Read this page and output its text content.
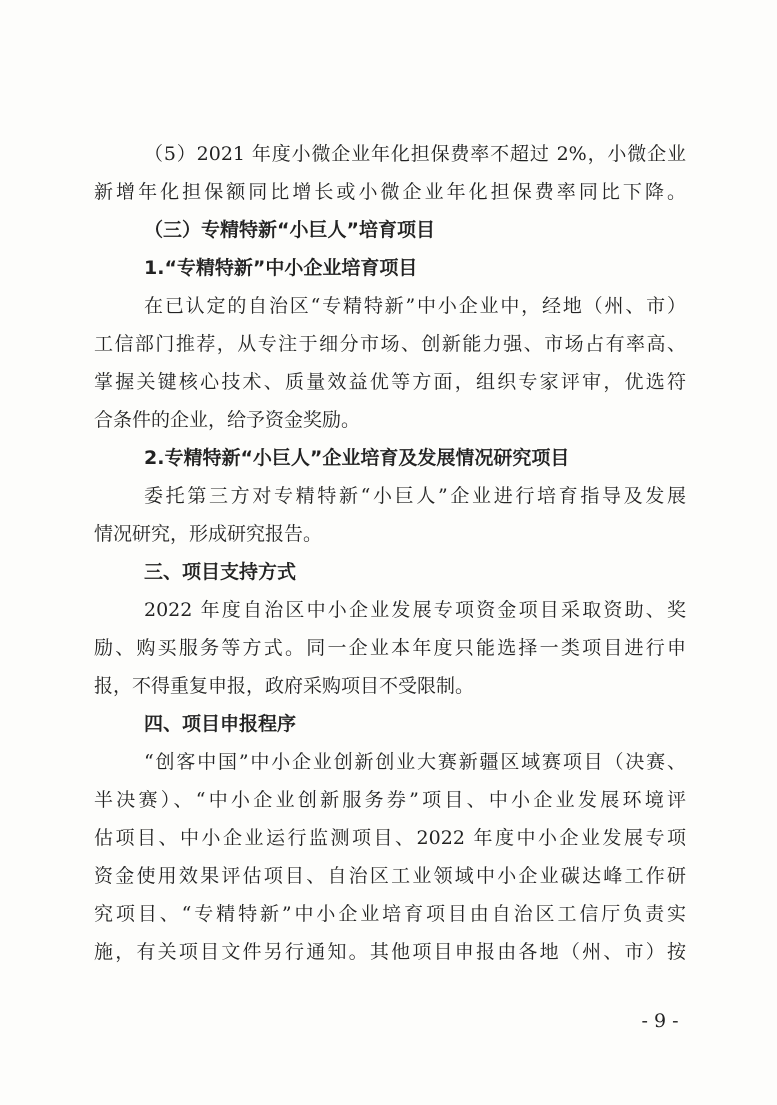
（5）2021 年度小微企业年化担保费率不超过 2%，小微企业
新增年化担保额同比增长或小微企业年化担保费率同比下降。
（三）专精特新“小巨人”培育项目
1.“专精特新”中小企业培育项目
在已认定的自治区“专精特新”中小企业中，经地（州、市）
工信部门推荐，从专注于细分市场、创新能力强、市场占有率高、
掌握关键核心技术、质量效益优等方面，组织专家评审，优选符
合条件的企业，给予资金奖励。
2.专精特新“小巨人”企业培育及发展情况研究项目
委托第三方对专精特新“小巨人”企业进行培育指导及发展
情况研究，形成研究报告。
三、项目支持方式
2022 年度自治区中小企业发展专项资金项目采取资助、奖
励、购买服务等方式。同一企业本年度只能选择一类项目进行申
报，不得重复申报，政府采购项目不受限制。
四、项目申报程序
“创客中国”中小企业创新创业大赛新疆区域赛项目（决赛、
半决赛）、“中小企业创新服务券”项目、中小企业发展环境评
估项目、中小企业运行监测项目、2022 年度中小企业发展专项
资金使用效果评估项目、自治区工业领域中小企业碳达峰工作研
究项目、“专精特新”中小企业培育项目由自治区工信厅负责实
施，有关项目文件另行通知。其他项目申报由各地（州、市）按
- 9 -
